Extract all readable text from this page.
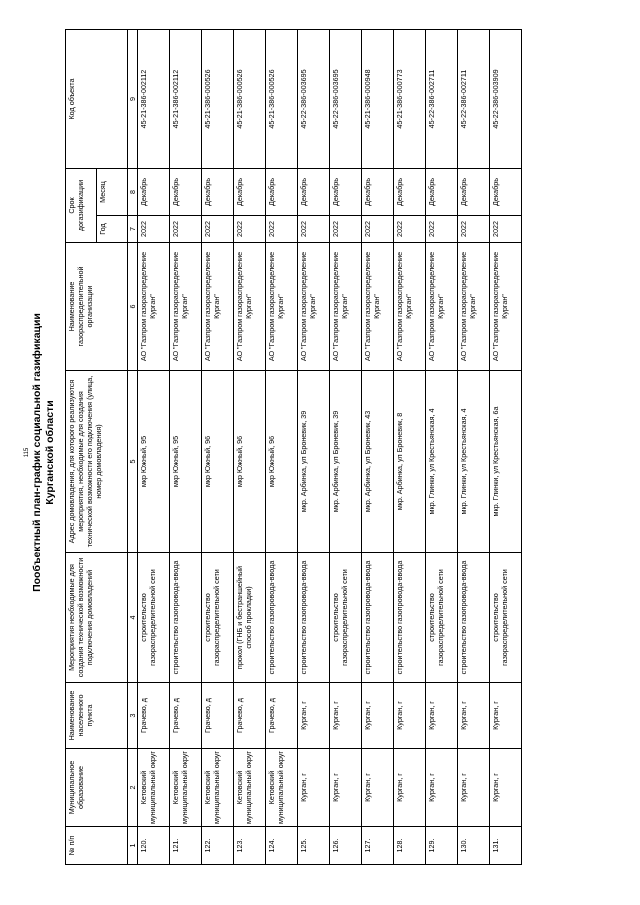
115 Пообъектный план-график социальной газификации Курганской области
№ п/п	Муниципальное образование	Наименование населенного пункта	Мероприятия необходимые для создания технической возможности подключения домовладений	Адрес домовладения, для которого реализуются мероприятия, необходимые для создания технической возможности его подключения (улица, номер домовладения)	Наименование газораспределительной организации	Срок догазификации		Код объекта
						Год	Месяц	
1	2	3	4	5	6	7	8	9
120.	Кетовский муниципальный округ	Грачево, д	строительство газораспределительной сети	мкр Южный, 95	АО "Газпром газораспределение Курган"	2022	Декабрь	45-21-386-002112
121.	Кетовский муниципальный округ	Грачево, д	строительство газопровода-ввода	мкр Южный, 95	АО "Газпром газораспределение Курган"	2022	Декабрь	45-21-386-002112
122.	Кетовский муниципальный округ	Грачево, д	строительство газораспределительной сети	мкр Южный, 96	АО "Газпром газораспределение Курган"	2022	Декабрь	45-21-386-000526
123.	Кетовский муниципальный округ	Грачево, д	прокол (ГНБ и бестраншейный способ прокладки)	мкр Южный, 96	АО "Газпром газораспределение Курган"	2022	Декабрь	45-21-386-000526
124.	Кетовский муниципальный округ	Грачево, д	строительство газопровода-ввода	мкр Южный, 96	АО "Газпром газораспределение Курган"	2022	Декабрь	45-21-386-000526
125.	Курган, г	Курган, г	строительство газопровода-ввода	мкр. Арбинка, ул Броневик, 39	АО "Газпром газораспределение Курган"	2022	Декабрь	45-22-386-003695
126.	Курган, г	Курган, г	строительство газораспределительной сети	мкр. Арбинка, ул Броневик, 39	АО "Газпром газораспределение Курган"	2022	Декабрь	45-22-386-003695
127.	Курган, г	Курган, г	строительство газопровода-ввода	мкр. Арбинка, ул Броневик, 43	АО "Газпром газораспределение Курган"	2022	Декабрь	45-21-386-000948
128.	Курган, г	Курган, г	строительство газопровода-ввода	мкр. Арбинка, ул Броневик, 8	АО "Газпром газораспределение Курган"	2022	Декабрь	45-21-386-000773
129.	Курган, г	Курган, г	строительство газораспределительной сети	мкр. Глинки, ул Крестьянская, 4	АО "Газпром газораспределение Курган"	2022	Декабрь	45-22-386-002711
130.	Курган, г	Курган, г	строительство газопровода-ввода	мкр. Глинки, ул Крестьянская, 4	АО "Газпром газораспределение Курган"	2022	Декабрь	45-22-386-002711
131.	Курган, г	Курган, г	строительство газораспределительной сети	мкр. Глинки, ул Крестьянская, 6а	АО "Газпром газораспределение Курган"	2022	Декабрь	45-22-386-003909
